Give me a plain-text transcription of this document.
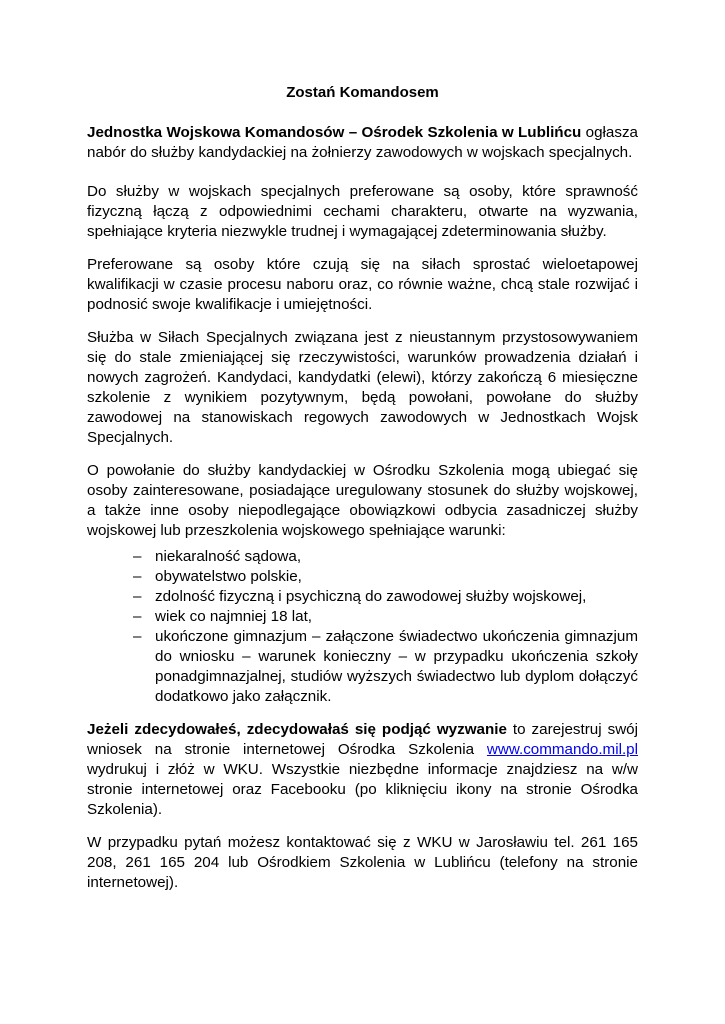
Zostań Komandosem

Jednostka Wojskowa Komandosów – Ośrodek Szkolenia w Lublińcu ogłasza nabór do służby kandydackiej na żołnierzy zawodowych w wojskach specjalnych.

Do służby w wojskach specjalnych preferowane są osoby, które sprawność fizyczną łączą z odpowiednimi cechami charakteru, otwarte na wyzwania, spełniające kryteria niezwykle trudnej i wymagającej zdeterminowania służby.

Preferowane są osoby które czują się na siłach sprostać wieloetapowej kwalifikacji w czasie procesu naboru oraz, co równie ważne, chcą stale rozwijać i podnosić swoje kwalifikacje i umiejętności.

Służba w Siłach Specjalnych związana jest z nieustannym przystosowywaniem się do stale zmieniającej się rzeczywistości, warunków prowadzenia działań i nowych zagrożeń. Kandydaci, kandydatki (elewi), którzy zakończą 6 miesięczne szkolenie z wynikiem pozytywnym, będą powołani, powołane do służby zawodowej na stanowiskach regowych zawodowych w Jednostkach Wojsk Specjalnych.

O powołanie do służby kandydackiej w Ośrodku Szkolenia mogą ubiegać się osoby zainteresowane, posiadające uregulowany stosunek do służby wojskowej, a także inne osoby niepodlegające obowiązkowi odbycia zasadniczej służby wojskowej lub przeszkolenia wojskowego spełniające warunki:

– niekaralność sądowa,
– obywatelstwo polskie,
– zdolność fizyczną i psychiczną do zawodowej służby wojskowej,
– wiek co najmniej 18 lat,
– ukończone gimnazjum – załączone świadectwo ukończenia gimnazjum do wniosku – warunek konieczny – w przypadku ukończenia szkoły ponadgimnazjalnej, studiów wyższych świadectwo lub dyplom dołączyć dodatkowo jako załącznik.

Jeżeli zdecydowałeś, zdecydowałaś się podjąć wyzwanie to zarejestruj swój wniosek na stronie internetowej Ośrodka Szkolenia www.commando.mil.pl wydrukuj i złóż w WKU. Wszystkie niezbędne informacje znajdziesz na w/w stronie internetowej oraz Facebooku (po kliknięciu ikony na stronie Ośrodka Szkolenia).

W przypadku pytań możesz kontaktować się z WKU w Jarosławiu tel. 261 165 208, 261 165 204 lub Ośrodkiem Szkolenia w Lublińcu (telefony na stronie internetowej).
